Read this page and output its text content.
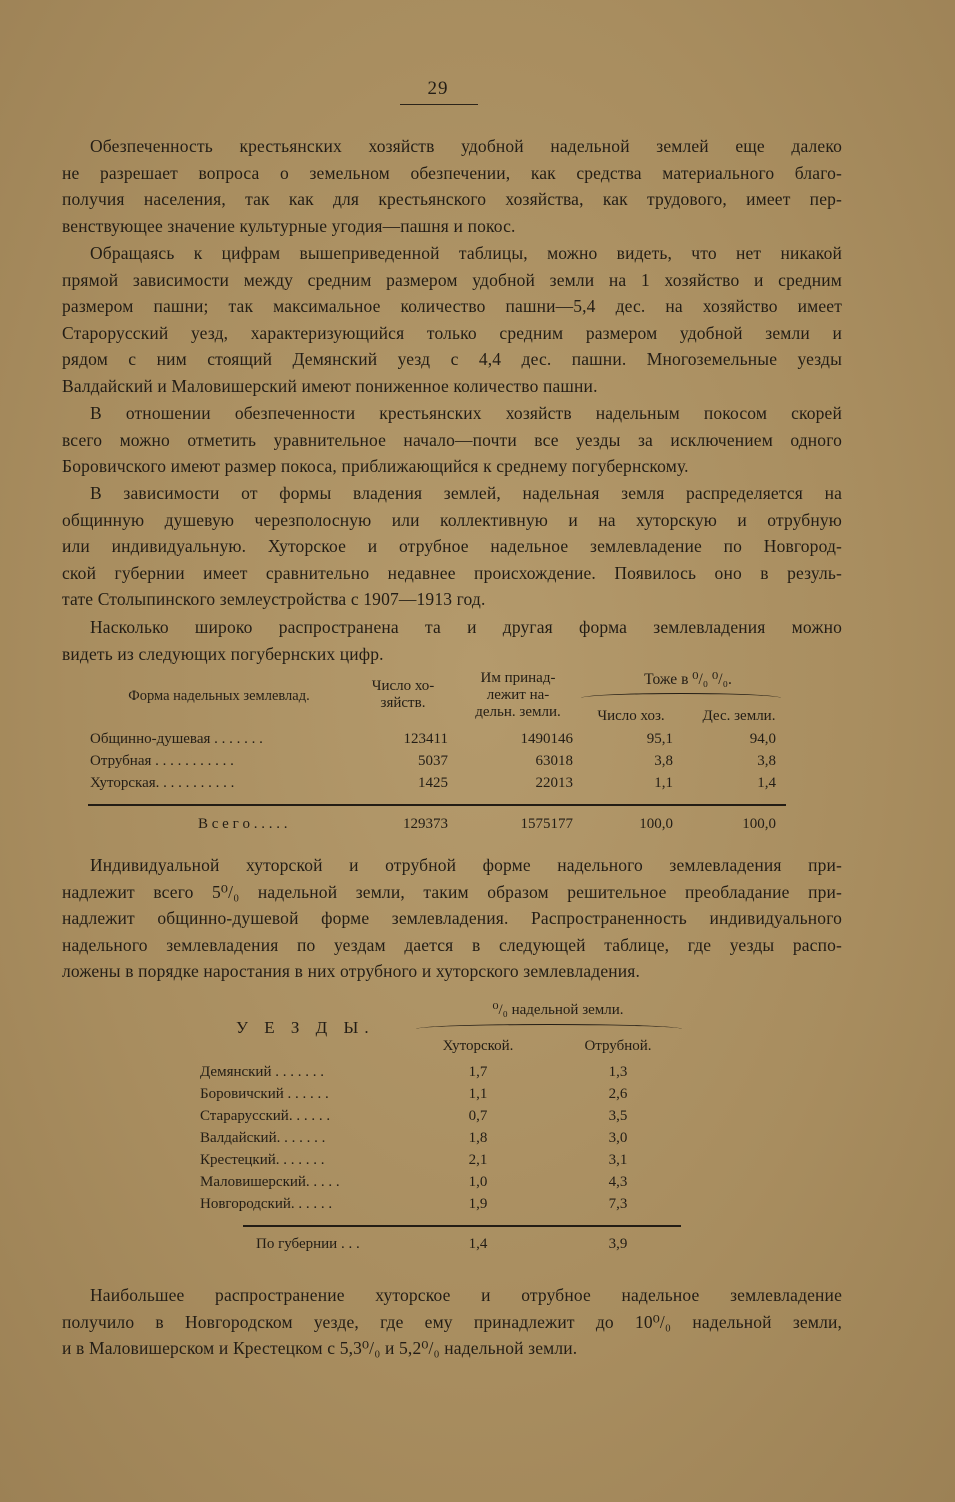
29
Обезпеченность крестьянских хозяйств удобной надельной землей еще далеко
не разрешает вопроса о земельном обезпечении, как средства материального благо-
получия населения, так как для крестьянского хозяйства, как трудового, имеет пер-
венствующее значение культурные угодия—пашня и покос.
Обращаясь к цифрам вышеприведенной таблицы, можно видеть, что нет никакой
прямой зависимости между средним размером удобной земли на 1 хозяйство и средним
размером пашни; так максимальное количество пашни—5,4 дес. на хозяйство имеет
Старорусский уезд, характеризующийся только средним размером удобной земли и
рядом с ним стоящий Демянский уезд с 4,4 дес. пашни. Многоземельные уезды
Валдайский и Маловишерский имеют пониженное количество пашни.
В отношении обезпеченности крестьянских хозяйств надельным покосом скорей
всего можно отметить уравнительное начало—почти все уезды за исключением одного
Боровичского имеют размер покоса, приближающийся к среднему погубернскому.
В зависимости от формы владения землей, надельная земля распределяется на
общинную душевую черезполосную или коллективную и на хуторскую и отрубную
или индивидуальную. Хуторское и отрубное надельное землевладение по Новгород-
ской губернии имеет сравнительно недавнее происхождение. Появилось оно в резуль-
тате Столыпинского землеустройства с 1907—1913 год.
Насколько широко распространена та и другая форма землевладения можно
видеть из следующих погубернских цифр.
Форма надельных землевлад.
Число хо-
зяйств.
Им принад-
лежит на-
дельн. земли.
Тоже в ⁰/₀ ⁰/₀.
Число хоз.	Дес. земли.
Общинно-душевая . . . . . . .	123411	1490146	95,1	94,0
Отрубная . . . . . . . . . . .	5037	63018	3,8	3,8
Хуторская. . . . . . . . . . .	1425	22013	1,1	1,4
В с е г о . . . . .	129373	1575177	100,0	100,0
Индивидуальной хуторской и отрубной форме надельного землевладения при-
надлежит всего 5⁰/₀ надельной земли, таким образом решительное преобладание при-
надлежит общинно-душевой форме землевладения. Распространенность индивидуального
надельного землевладения по уездам дается в следующей таблице, где уезды распо-
ложены в порядке наростания в них отрубного и хуторского землевладения.
У Е З Д Ы.
⁰/₀ надельной земли.
Хуторской.	Отрубной.
Демянский . . . . . . .	1,7	1,3
Боровичский . . . . . .	1,1	2,6
Старарусский. . . . . .	0,7	3,5
Валдайский. . . . . . .	1,8	3,0
Крестецкий. . . . . . .	2,1	3,1
Маловишерский. . . . .	1,0	4,3
Новгородский. . . . . .	1,9	7,3
По губернии . . .	1,4	3,9
Наибольшее распространение хуторское и отрубное надельное землевладение
получило в Новгородском уезде, где ему принадлежит до 10⁰/₀ надельной земли,
и в Маловишерском и Крестецком с 5,3⁰/₀ и 5,2⁰/₀ надельной земли.
